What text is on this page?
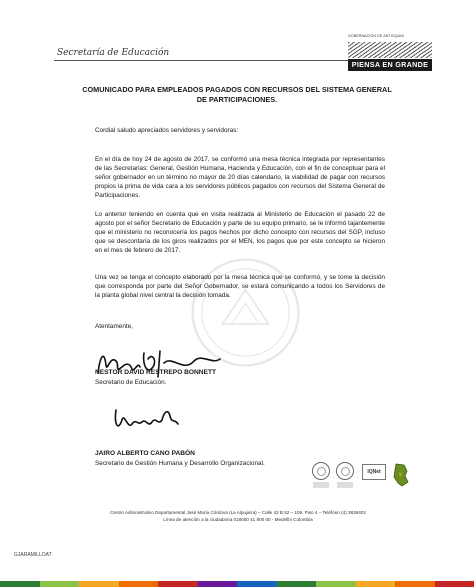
Secretaría de Educación
GOBERNACIÓN DE ANTIOQUIA
PIENSA EN GRANDE
COMUNICADO PARA EMPLEADOS PAGADOS CON RECURSOS DEL SISTEMA GENERAL DE PARTICIPACIONES.

Cordial saludo apreciados servidores y servidoras:

En el día de hoy 24 de agosto de 2017, se conformó una mesa técnica integrada por representantes de las Secretarias: General, Gestión Humana, Hacienda y Educación, con el fin de conceptuar para el señor gobernador en un término no mayor de 20 días calendario, la viabilidad de pagar con recursos propios la prima de vida cara a los servidores públicos pagados con recursos del Sistema General de Participaciones.

Lo anterior teniendo en cuenta que en visita realizada al Ministerio de Educación el pasado 22 de agosto por el señor Secretario de Educación y parte de su equipo primario, se le informó tajantemente que el ministerio no reconocería los pagos hechos por dicho concepto con recursos del SGP, incluso que se descontaría de los giros realizados por el MEN, los pagos que por este concepto se hicieron en el mes de febrero de 2017.

Una vez se tenga el concepto elaborado por la mesa técnica que se conformó, y se tome la decisión que corresponda por parte del Señor Gobernador, se estará comunicando a todos los Servidores de la planta global nivel central la decisión tomada.

Atentamente,

NESTOR DAVID RESTREPO BONNETT
Secretario de Educación.
JAIRO ALBERTO CANO PABÓN
Secretario de Gestión Humana y Desarrollo Organizacional.
IQNet
Centro Administrativo Departamental José María Córdova (La Alpujarra) – Calle 42 B 52 – 106. Piso 4 – Teléfono (4) 3838402
Línea de atención a la ciudadanía 018000 41 900 00 - Medellín Colombia
GJARAMILLOAT
